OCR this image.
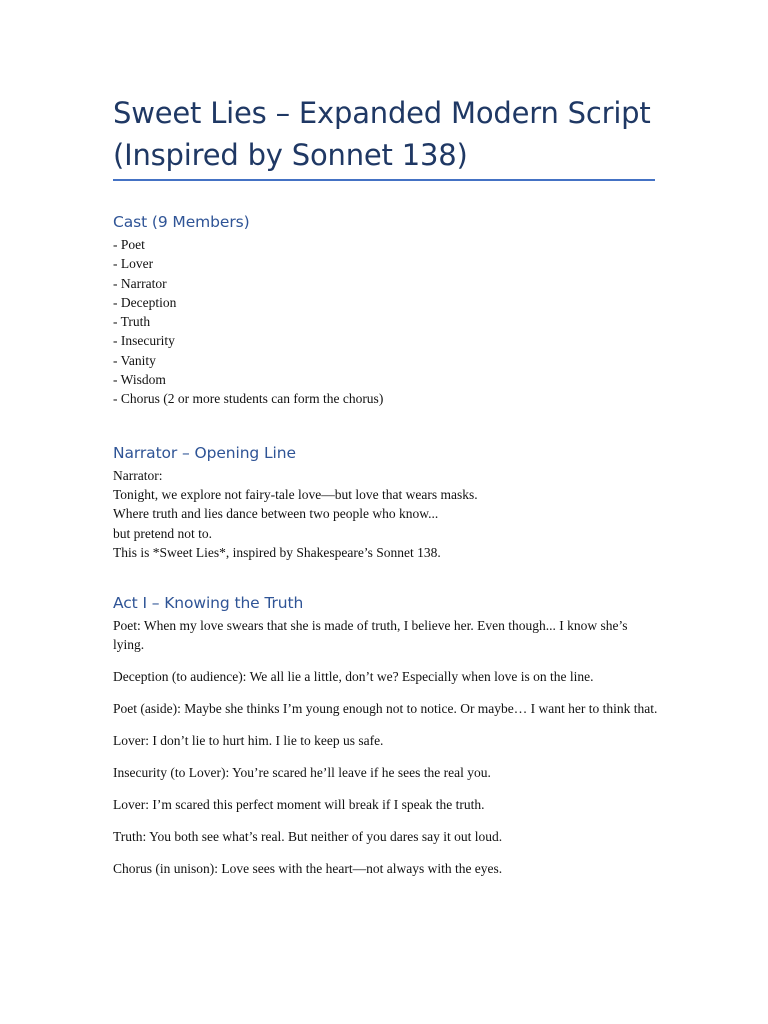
Sweet Lies – Expanded Modern Script
(Inspired by Sonnet 138)
Cast (9 Members)

- Poet

- Lover

- Narrator

- Deception

- Truth

- Insecurity

- Vanity

- Wisdom

- Chorus (2 or more students can form the chorus)

Narrator – Opening Line

Narrator:

Tonight, we explore not fairy-tale love—but love that wears masks.

Where truth and lies dance between two people who know...

but pretend not to.

This is *Sweet Lies*, inspired by Shakespeare’s Sonnet 138.

Act I – Knowing the Truth

Poet: When my love swears that she is made of truth, I believe her. Even though... I know she’s lying.

Deception (to audience): We all lie a little, don’t we? Especially when love is on the line.

Poet (aside): Maybe she thinks I’m young enough not to notice. Or maybe… I want her to think that.

Lover: I don’t lie to hurt him. I lie to keep us safe.

Insecurity (to Lover): You’re scared he’ll leave if he sees the real you.

Lover: I’m scared this perfect moment will break if I speak the truth.

Truth: You both see what’s real. But neither of you dares say it out loud.

Chorus (in unison): Love sees with the heart—not always with the eyes.
